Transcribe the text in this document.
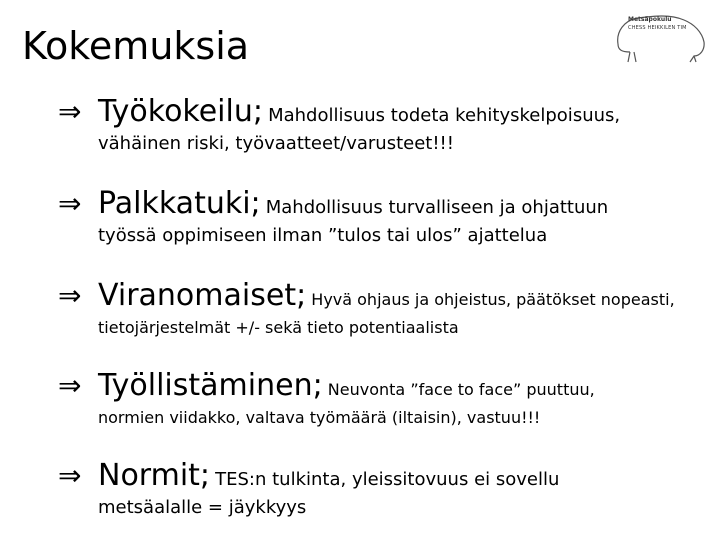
Kokemuksia
Metsäpokulu
CHESS HEIKKILEN TIM
⇒ Työkokeilu; Mahdollisuus todeta kehityskelpoisuus,
vähäinen riski, työvaatteet/varusteet!!!
⇒ Palkkatuki; Mahdollisuus turvalliseen ja ohjattuun
työssä oppimiseen ilman ”tulos tai ulos” ajattelua
⇒ Viranomaiset; Hyvä ohjaus ja ohjeistus, päätökset nopeasti,
tietojärjestelmät +/- sekä tieto potentiaalista
⇒ Työllistäminen; Neuvonta ”face to face” puuttuu,
normien viidakko, valtava työmäärä (iltaisin), vastuu!!!
⇒ Normit; TES:n tulkinta, yleissitovuus ei sovellu
metsäalalle = jäykkyys
